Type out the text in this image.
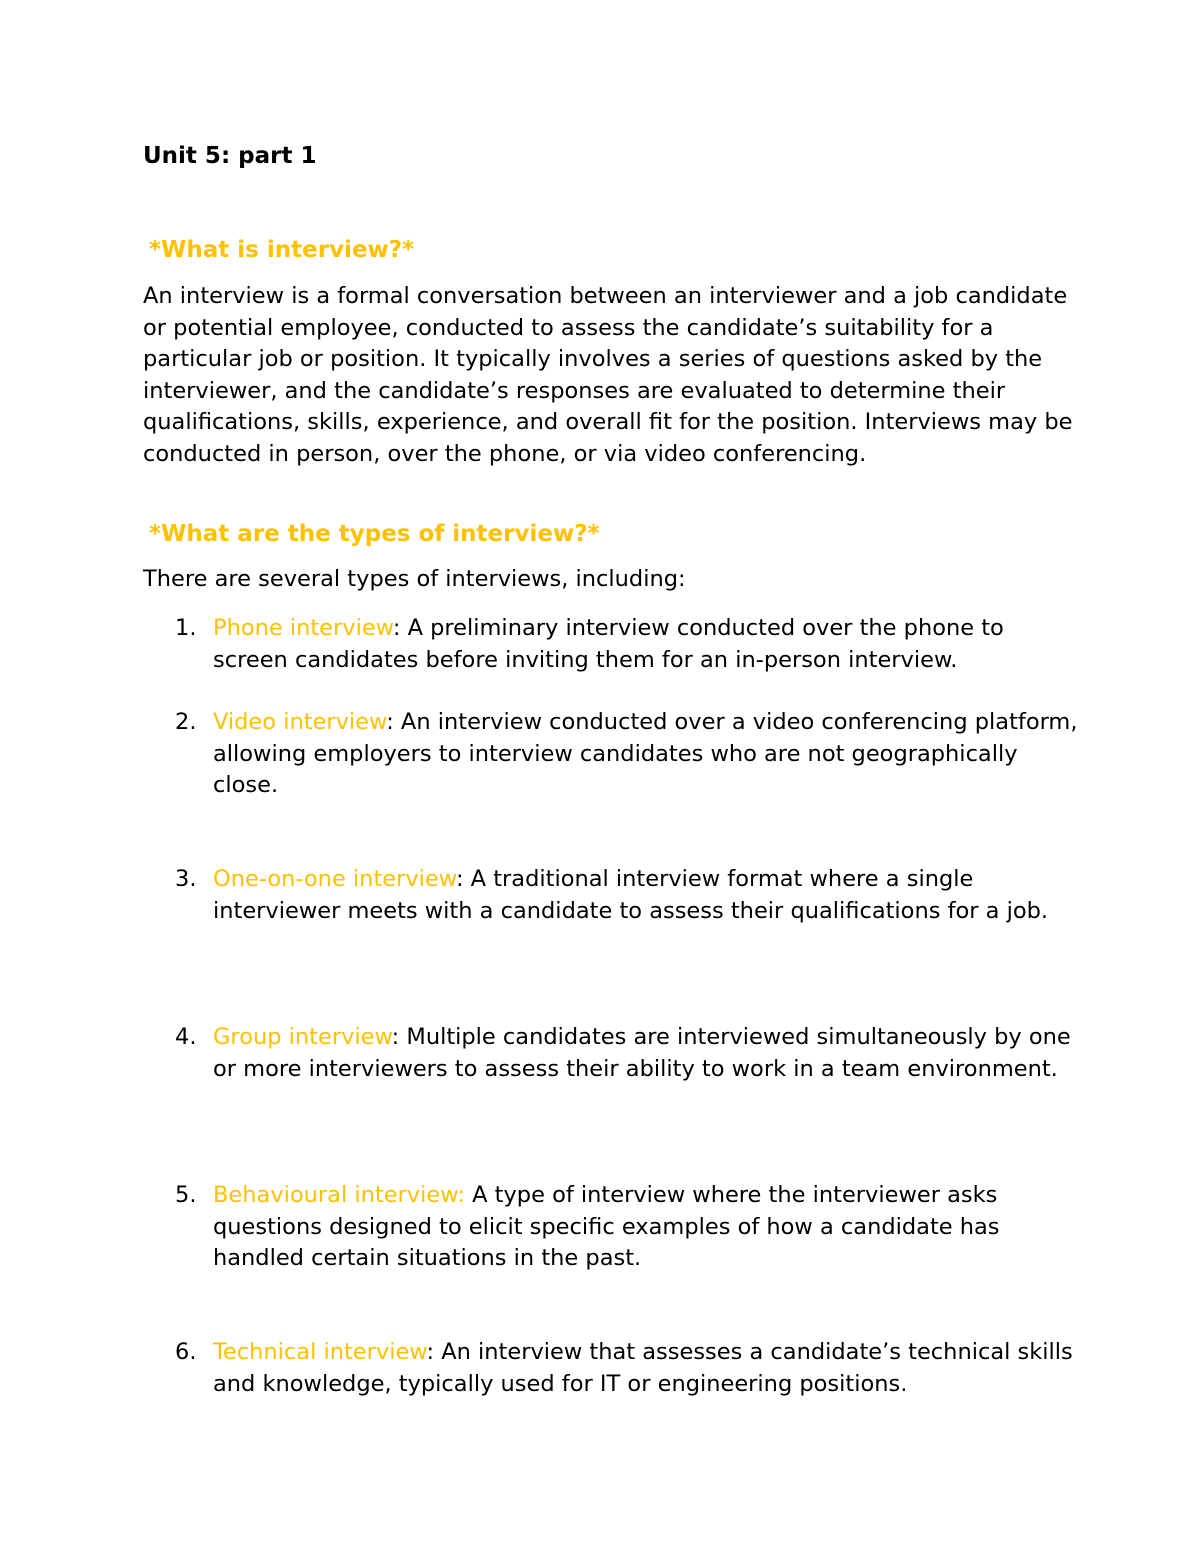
Unit 5: part 1
*What is interview?*

An interview is a formal conversation between an interviewer and a job candidate or potential employee, conducted to assess the candidate’s suitability for a particular job or position. It typically involves a series of questions asked by the interviewer, and the candidate’s responses are evaluated to determine their qualifications, skills, experience, and overall fit for the position. Interviews may be conducted in person, over the phone, or via video conferencing.

*What are the types of interview?*

There are several types of interviews, including:

1. Phone interview: A preliminary interview conducted over the phone to screen candidates before inviting them for an in-person interview.
2. Video interview: An interview conducted over a video conferencing platform, allowing employers to interview candidates who are not geographically close.
3. One-on-one interview: A traditional interview format where a single interviewer meets with a candidate to assess their qualifications for a job.
4. Group interview: Multiple candidates are interviewed simultaneously by one or more interviewers to assess their ability to work in a team environment.
5. Behavioural interview: A type of interview where the interviewer asks questions designed to elicit specific examples of how a candidate has handled certain situations in the past.
6. Technical interview: An interview that assesses a candidate’s technical skills and knowledge, typically used for IT or engineering positions.
